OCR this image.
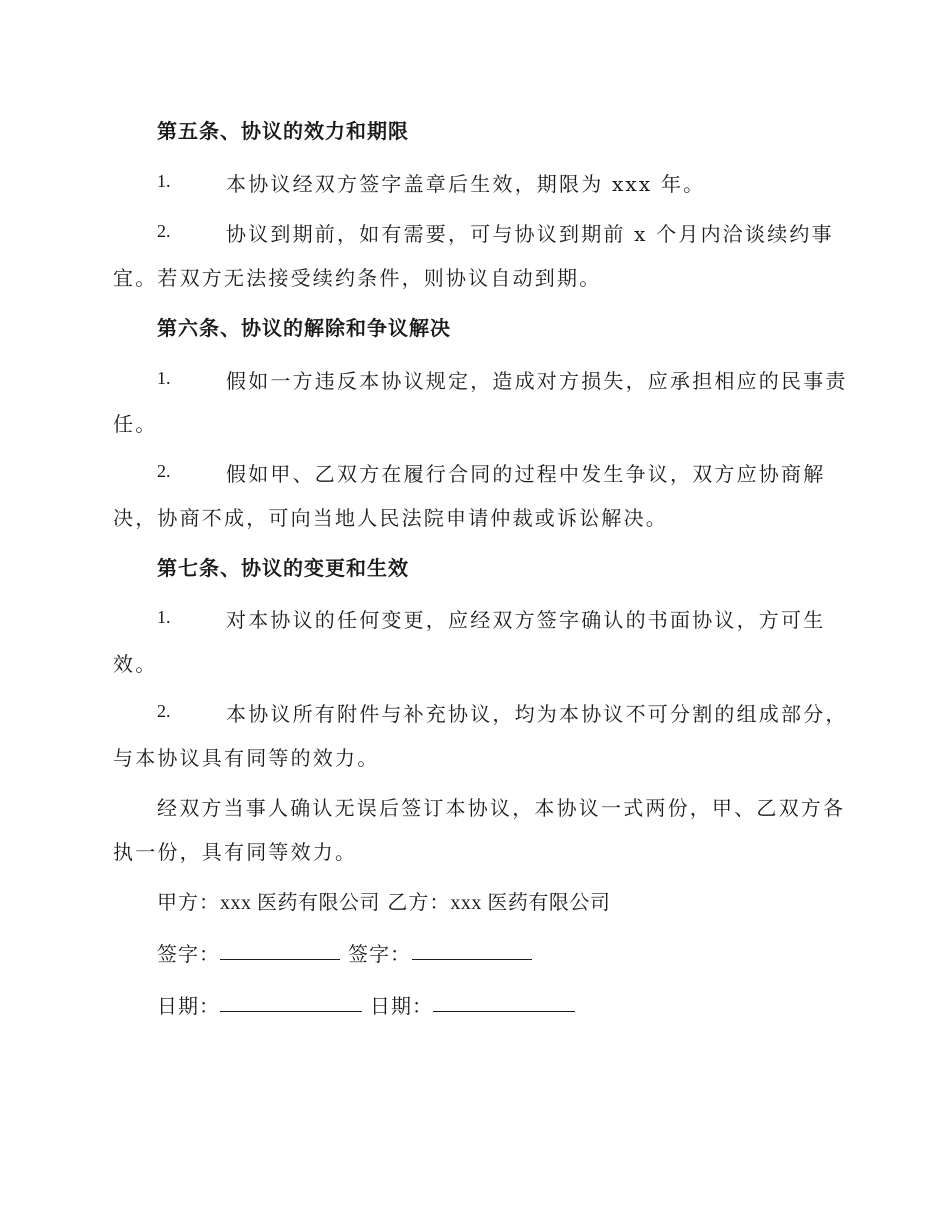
第五条、协议的效力和期限
1.	本协议经双方签字盖章后生效，期限为 xxx 年。
2.	协议到期前，如有需要，可与协议到期前 x 个月内洽谈续约事
宜。若双方无法接受续约条件，则协议自动到期。
第六条、协议的解除和争议解决
1.	假如一方违反本协议规定，造成对方损失，应承担相应的民事责
任。
2.	假如甲、乙双方在履行合同的过程中发生争议，双方应协商解
决，协商不成，可向当地人民法院申请仲裁或诉讼解决。
第七条、协议的变更和生效
1.	对本协议的任何变更，应经双方签字确认的书面协议，方可生
效。
2.	本协议所有附件与补充协议，均为本协议不可分割的组成部分，
与本协议具有同等的效力。
经双方当事人确认无误后签订本协议，本协议一式两份，甲、乙双方各
执一份，具有同等效力。
甲方：xxx 医药有限公司 乙方：xxx 医药有限公司
签字：	签字：
日期：	日期：
